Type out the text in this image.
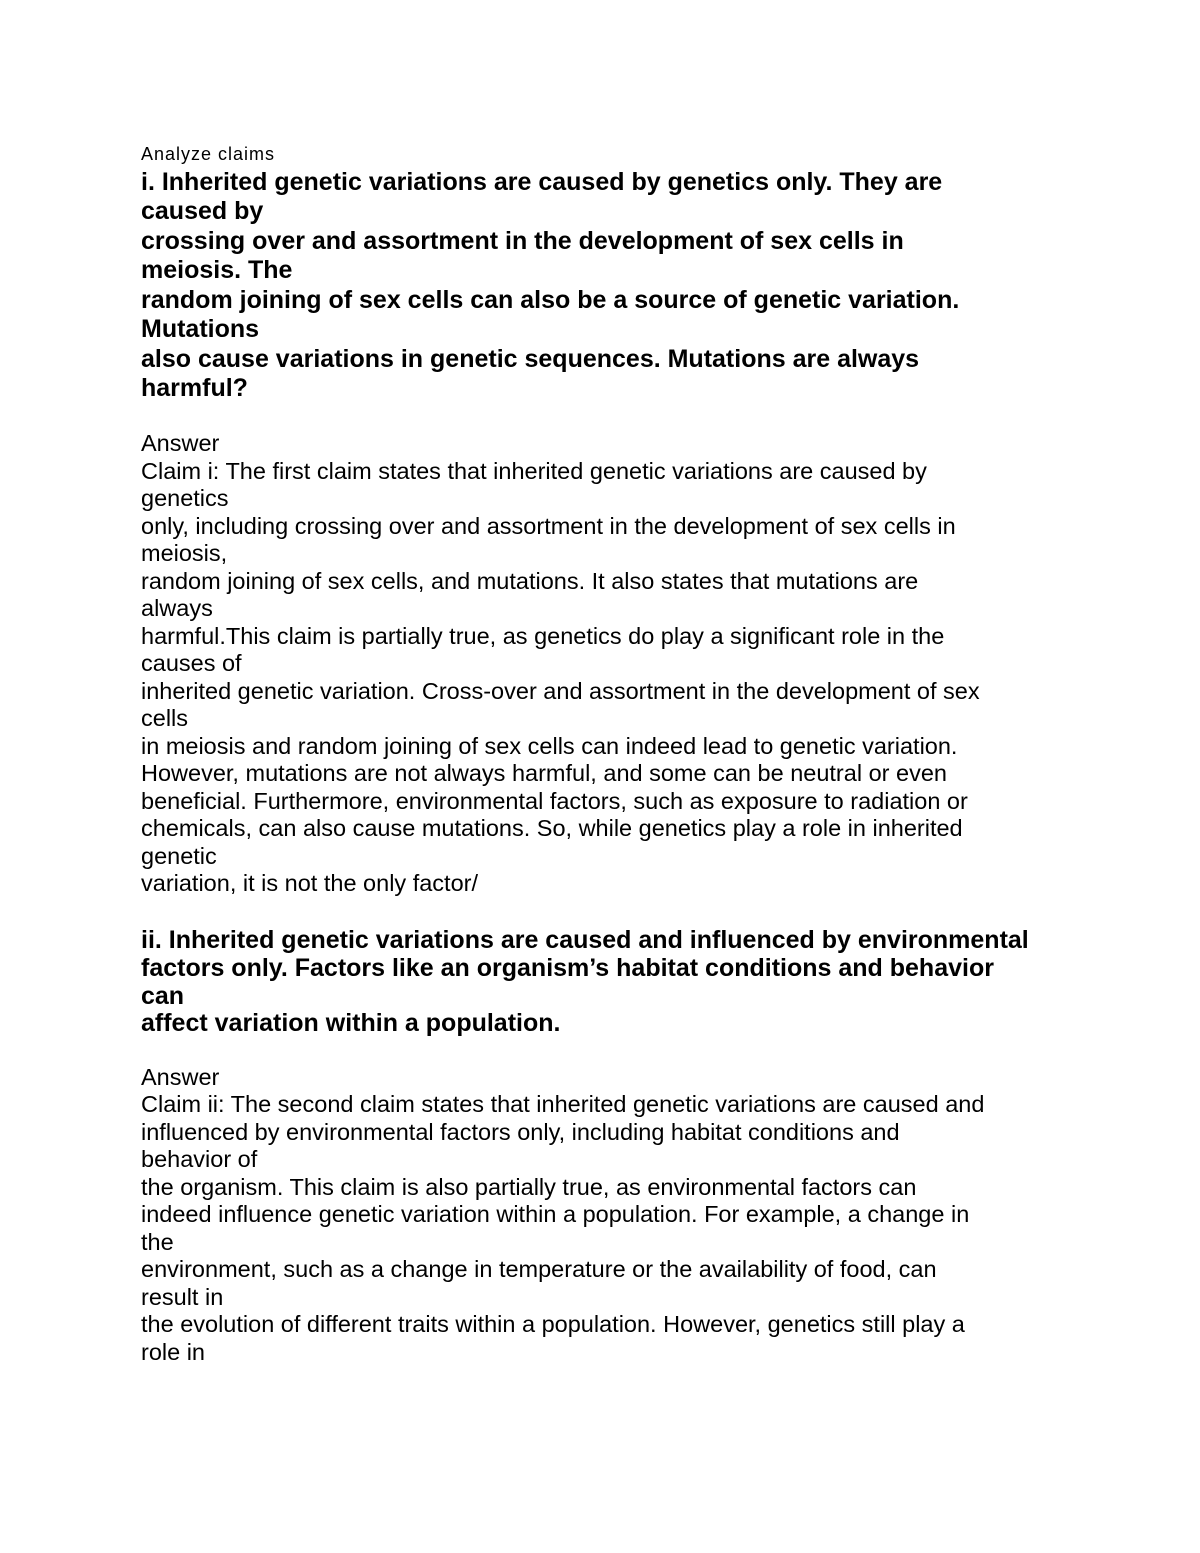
Analyze claims

i. Inherited genetic variations are caused by genetics only. They are

caused by

crossing over and assortment in the development of sex cells in

meiosis. The

random joining of sex cells can also be a source of genetic variation.

Mutations

also cause variations in genetic sequences. Mutations are always

harmful?

Answer

Claim i: The first claim states that inherited genetic variations are caused by

genetics

only, including crossing over and assortment in the development of sex cells in

meiosis,

random joining of sex cells, and mutations. It also states that mutations are

always

harmful.This claim is partially true, as genetics do play a significant role in the

causes of

inherited genetic variation. Cross-over and assortment in the development of sex

cells

in meiosis and random joining of sex cells can indeed lead to genetic variation.

However, mutations are not always harmful, and some can be neutral or even

beneficial. Furthermore, environmental factors, such as exposure to radiation or

chemicals, can also cause mutations. So, while genetics play a role in inherited

genetic

variation, it is not the only factor/

ii. Inherited genetic variations are caused and influenced by environmental

factors only. Factors like an organism’s habitat conditions and behavior

can

affect variation within a population.

Answer

Claim ii: The second claim states that inherited genetic variations are caused and

influenced by environmental factors only, including habitat conditions and

behavior of

the organism. This claim is also partially true, as environmental factors can

indeed influence genetic variation within a population. For example, a change in

the

environment, such as a change in temperature or the availability of food, can

result in

the evolution of different traits within a population. However, genetics still play a

role in
